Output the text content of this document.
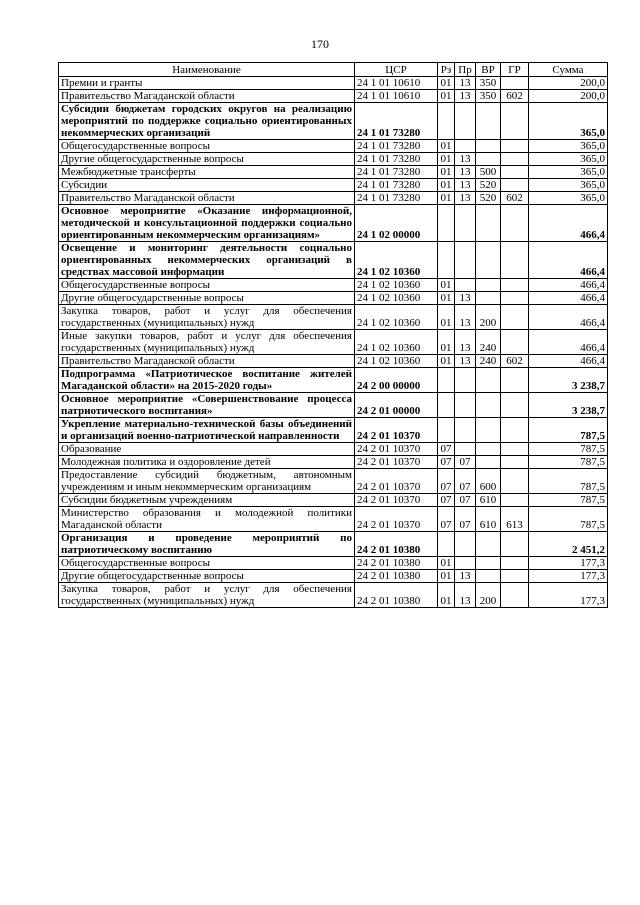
170
Наименование	ЦСР	Рз	Пр	ВР	ГР	Сумма
Премии и гранты	24 1 01 10610	01	13	350		200,0
Правительство Магаданской области	24 1 01 10610	01	13	350	602	200,0
Субсидии бюджетам городских округов на реализацию мероприятий по поддержке социально ориентированных некоммерческих организаций	24 1 01 73280					365,0
Общегосударственные вопросы	24 1 01 73280	01				365,0
Другие общегосударственные вопросы	24 1 01 73280	01	13			365,0
Межбюджетные трансферты	24 1 01 73280	01	13	500		365,0
Субсидии	24 1 01 73280	01	13	520		365,0
Правительство Магаданской области	24 1 01 73280	01	13	520	602	365,0
Основное мероприятие «Оказание информационной, методической и консультационной поддержки социально ориентированным некоммерческим организациям»	24 1 02 00000					466,4
Освещение и мониторинг деятельности социально ориентированных некоммерческих организаций в средствах массовой информации	24 1 02 10360					466,4
Общегосударственные вопросы	24 1 02 10360	01				466,4
Другие общегосударственные вопросы	24 1 02 10360	01	13			466,4
Закупка товаров, работ и услуг для обеспечения государственных (муниципальных) нужд	24 1 02 10360	01	13	200		466,4
Иные закупки товаров, работ и услуг для обеспечения государственных (муниципальных) нужд	24 1 02 10360	01	13	240		466,4
Правительство Магаданской области	24 1 02 10360	01	13	240	602	466,4
Подпрограмма «Патриотическое воспитание жителей Магаданской области» на 2015-2020 годы»	24 2 00 00000					3 238,7
Основное мероприятие «Совершенствование процесса патриотического воспитания»	24 2 01 00000					3 238,7
Укрепление материально-технической базы объединений и организаций военно-патриотической направленности	24 2 01 10370					787,5
Образование	24 2 01 10370	07				787,5
Молодежная политика и оздоровление детей	24 2 01 10370	07	07			787,5
Предоставление субсидий бюджетным, автономным учреждениям и иным некоммерческим организациям	24 2 01 10370	07	07	600		787,5
Субсидии бюджетным учреждениям	24 2 01 10370	07	07	610		787,5
Министерство образования и молодежной политики Магаданской области	24 2 01 10370	07	07	610	613	787,5
Организация и проведение мероприятий по патриотическому воспитанию	24 2 01 10380					2 451,2
Общегосударственные вопросы	24 2 01 10380	01				177,3
Другие общегосударственные вопросы	24 2 01 10380	01	13			177,3
Закупка товаров, работ и услуг для обеспечения государственных (муниципальных) нужд	24 2 01 10380	01	13	200		177,3
